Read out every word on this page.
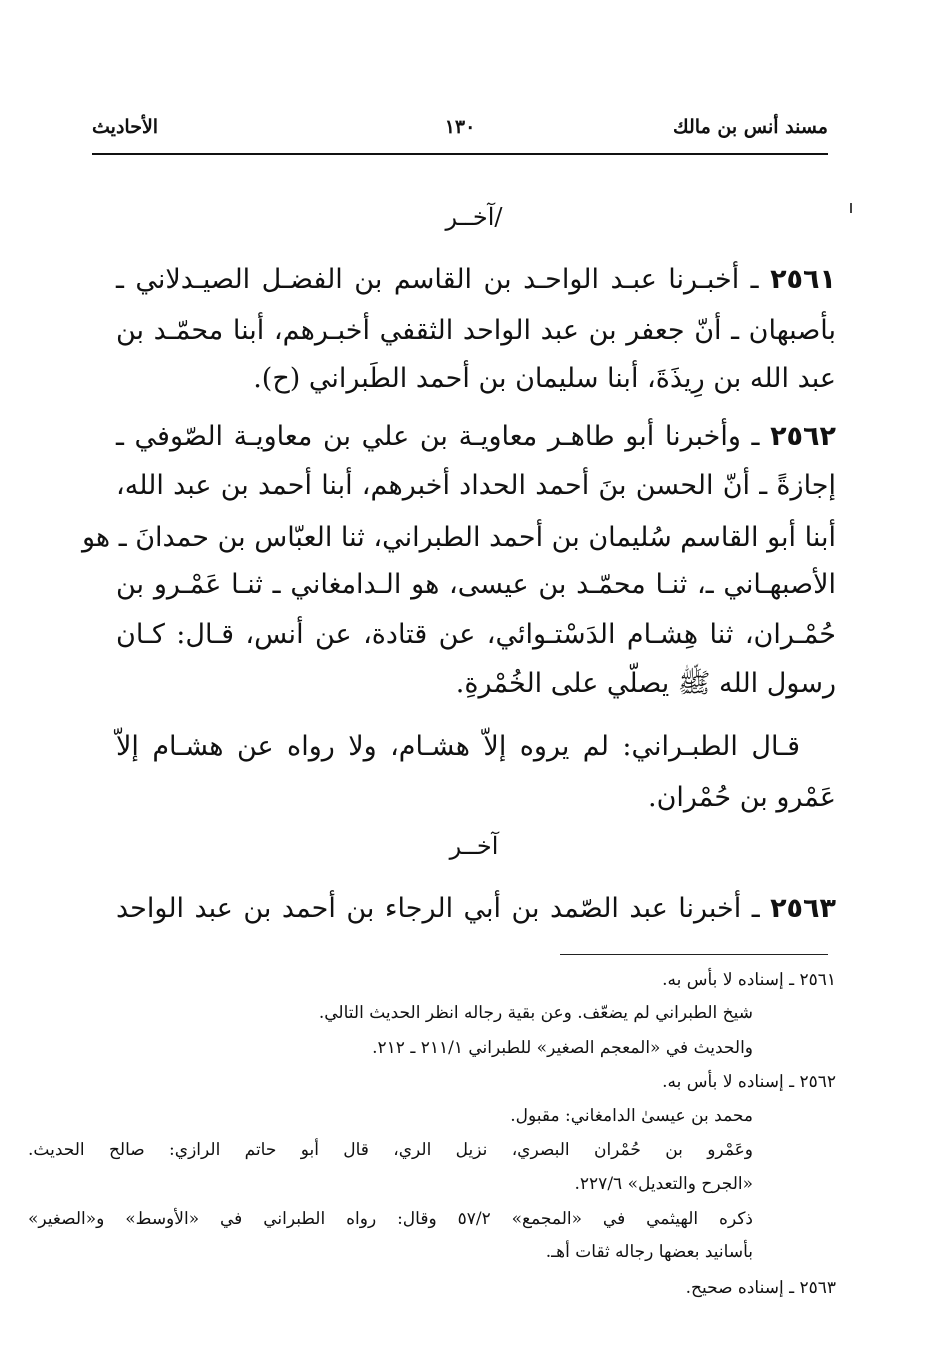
مسند أنس بن مالك
١٣٠
الأحاديث
/آخــر
٢٥٦١ ـ أخبـرنا عبـد الواحـد بن القاسم بن الفضـل الصيـدلاني ـ
بأصبهان ـ أنّ جعفر بن عبد الواحد الثقفي أخبـرهم، أبنا محمّـد بن
عبد الله بن رِيذَةَ، أبنا سليمان بن أحمد الطَبراني (ح).
٢٥٦٢ ـ وأخبرنا أبو طاهـر معاويـة بن علي بن معاويـة الصّوفي ـ
إجازةً ـ أنّ الحسن بنَ أحمد الحداد أخبرهم، أبنا أحمد بن عبد الله،
أبنا أبو القاسم سُليمان بن أحمد الطبراني، ثنا العبّاس بن حمدانَ ـ هو
الأصبهـاني ـ، ثنـا محمّـد بن عيسى، هو الـدامغاني ـ ثنـا عَمْـرو بن
حُمْـران، ثنا هِشـام الدَسْتـوائي، عن قتادة، عن أنس، قـال: كـان
رسول الله ﷺ يصلّي على الخُمْرةِ.
قـال الطبـراني: لم يروه إلاّ هشـام، ولا رواه عن هشـام إلاّ
عَمْرو بن حُمْران.
آخــر
٢٥٦٣ ـ أخبرنا عبد الصّمد بن أبي الرجاء بن أحمد بن عبد الواحد
٢٥٦١ ـ إسناده لا بأس به.
شيخ الطبراني لم يضعّف. وعن بقية رجاله انظر الحديث التالي.
والحديث في «المعجم الصغير» للطبراني ٢١١/١ ـ ٢١٢.
٢٥٦٢ ـ إسناده لا بأس به.
محمد بن عيسىٰ الدامغاني: مقبول.
وعَمْرو بن حُمْران البصري، نزيل الري، قال أبو حاتم الرازي: صالح الحديث.
«الجرح والتعديل» ٢٢٧/٦.
ذكره الهيثمي في «المجمع» ٥٧/٢ وقال: رواه الطبراني في «الأوسط» و«الصغير»
بأسانيد بعضها رجاله ثقات أهـ.
٢٥٦٣ ـ إسناده صحيح.
